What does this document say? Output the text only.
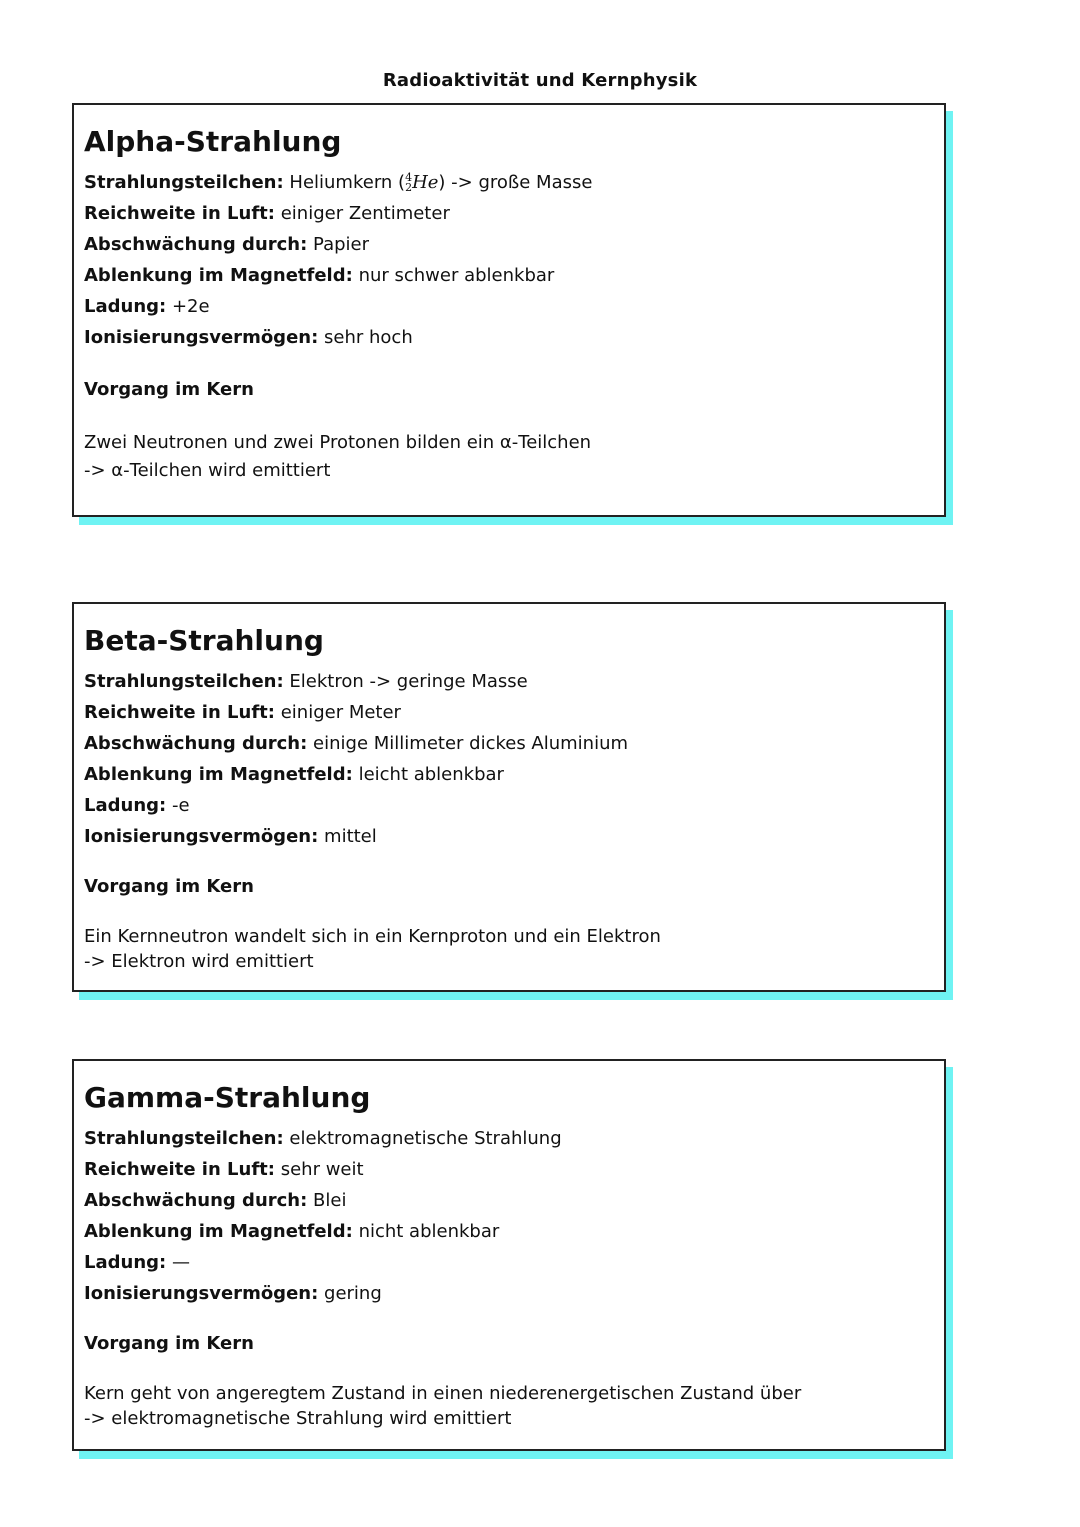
Radioaktivität und Kernphysik
Alpha-Strahlung
Strahlungsteilchen: Heliumkern ( 4
2 He) -> große Masse
Reichweite in Luft: einiger Zentimeter
Abschwächung durch: Papier
Ablenkung im Magnetfeld: nur schwer ablenkbar
Ladung: +2e
Ionisierungsvermögen: sehr hoch
Vorgang im Kern
Zwei Neutronen und zwei Protonen bilden ein α-Teilchen
-> α-Teilchen wird emittiert
Beta-Strahlung
Strahlungsteilchen: Elektron -> geringe Masse
Reichweite in Luft: einiger Meter
Abschwächung durch: einige Millimeter dickes Aluminium
Ablenkung im Magnetfeld: leicht ablenkbar
Ladung: -e
Ionisierungsvermögen: mittel
Vorgang im Kern
Ein Kernneutron wandelt sich in ein Kernproton und ein Elektron
-> Elektron wird emittiert
Gamma-Strahlung
Strahlungsteilchen: elektromagnetische Strahlung
Reichweite in Luft: sehr weit
Abschwächung durch: Blei
Ablenkung im Magnetfeld: nicht ablenkbar
Ladung: —
Ionisierungsvermögen: gering
Vorgang im Kern
Kern geht von angeregtem Zustand in einen niederenergetischen Zustand über
-> elektromagnetische Strahlung wird emittiert
